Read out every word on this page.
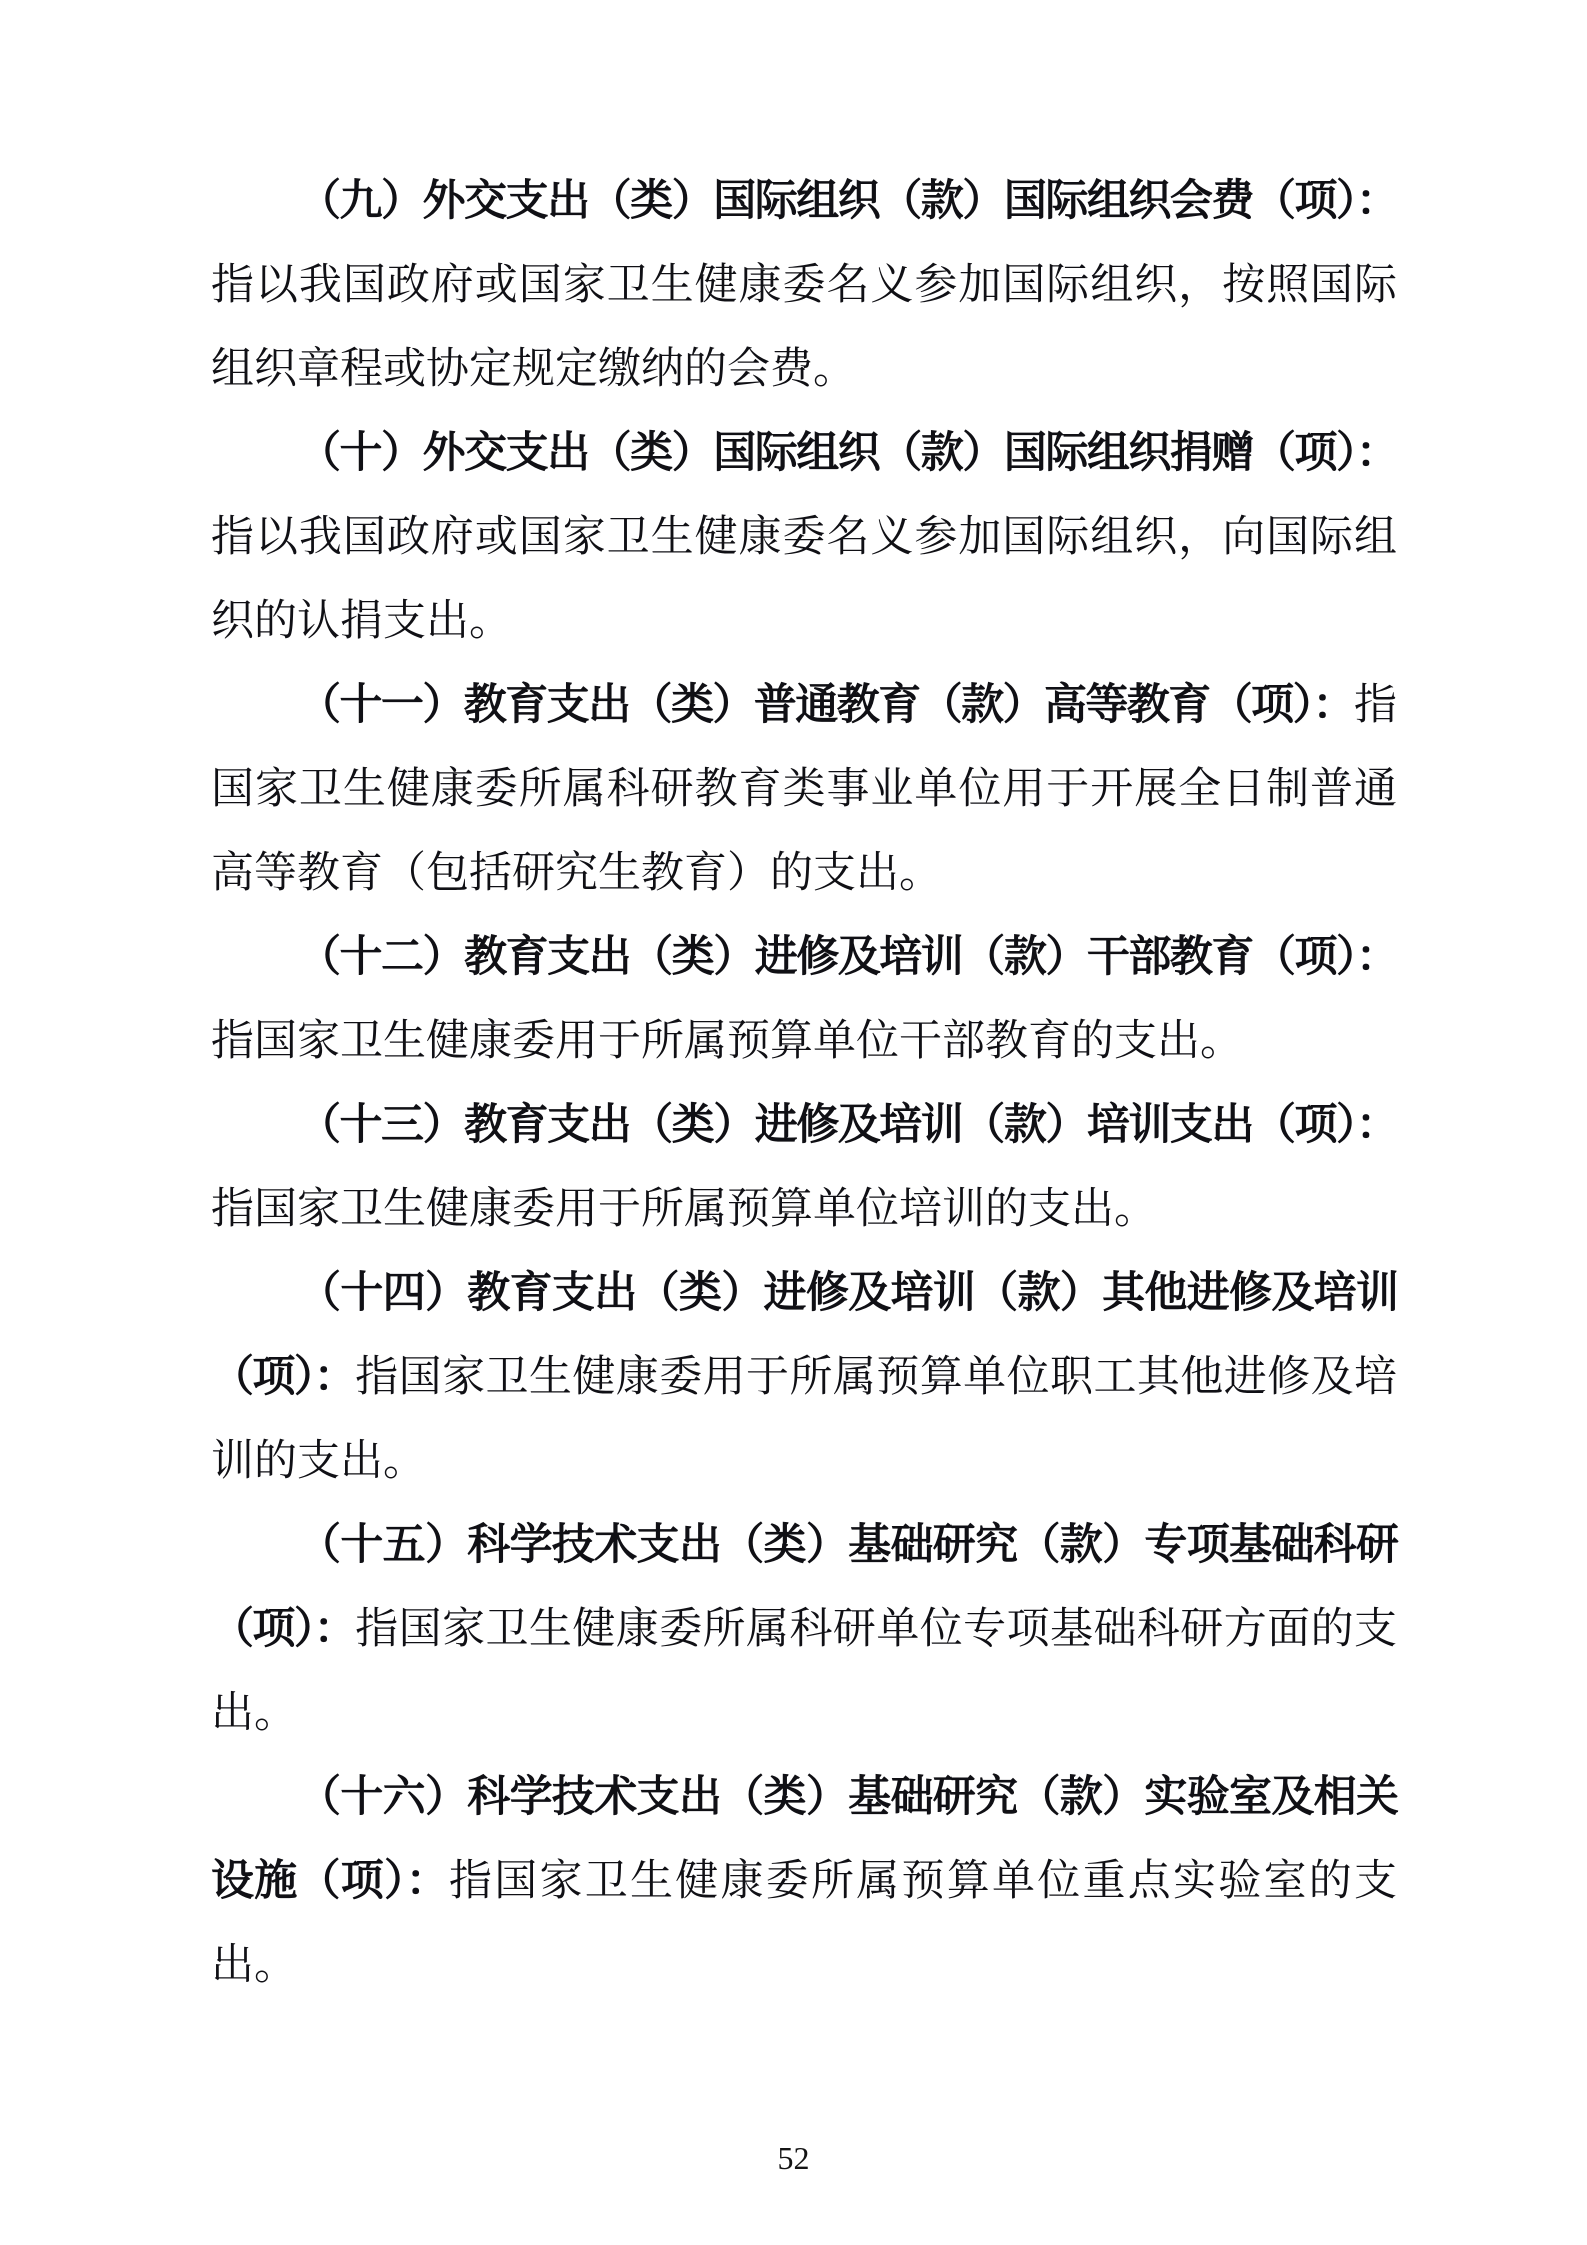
（九）外交支出（类）国际组织（款）国际组织会费（项）：指以我国政府或国家卫生健康委名义参加国际组织，按照国际组织章程或协定规定缴纳的会费。

（十）外交支出（类）国际组织（款）国际组织捐赠（项）：指以我国政府或国家卫生健康委名义参加国际组织，向国际组织的认捐支出。

（十一）教育支出（类）普通教育（款）高等教育（项）：指国家卫生健康委所属科研教育类事业单位用于开展全日制普通高等教育（包括研究生教育）的支出。

（十二）教育支出（类）进修及培训（款）干部教育（项）：指国家卫生健康委用于所属预算单位干部教育的支出。

（十三）教育支出（类）进修及培训（款）培训支出（项）：指国家卫生健康委用于所属预算单位培训的支出。

（十四）教育支出（类）进修及培训（款）其他进修及培训（项）：指国家卫生健康委用于所属预算单位职工其他进修及培训的支出。

（十五）科学技术支出（类）基础研究（款）专项基础科研（项）：指国家卫生健康委所属科研单位专项基础科研方面的支出。

（十六）科学技术支出（类）基础研究（款）实验室及相关设施（项）：指国家卫生健康委所属预算单位重点实验室的支出。

52
